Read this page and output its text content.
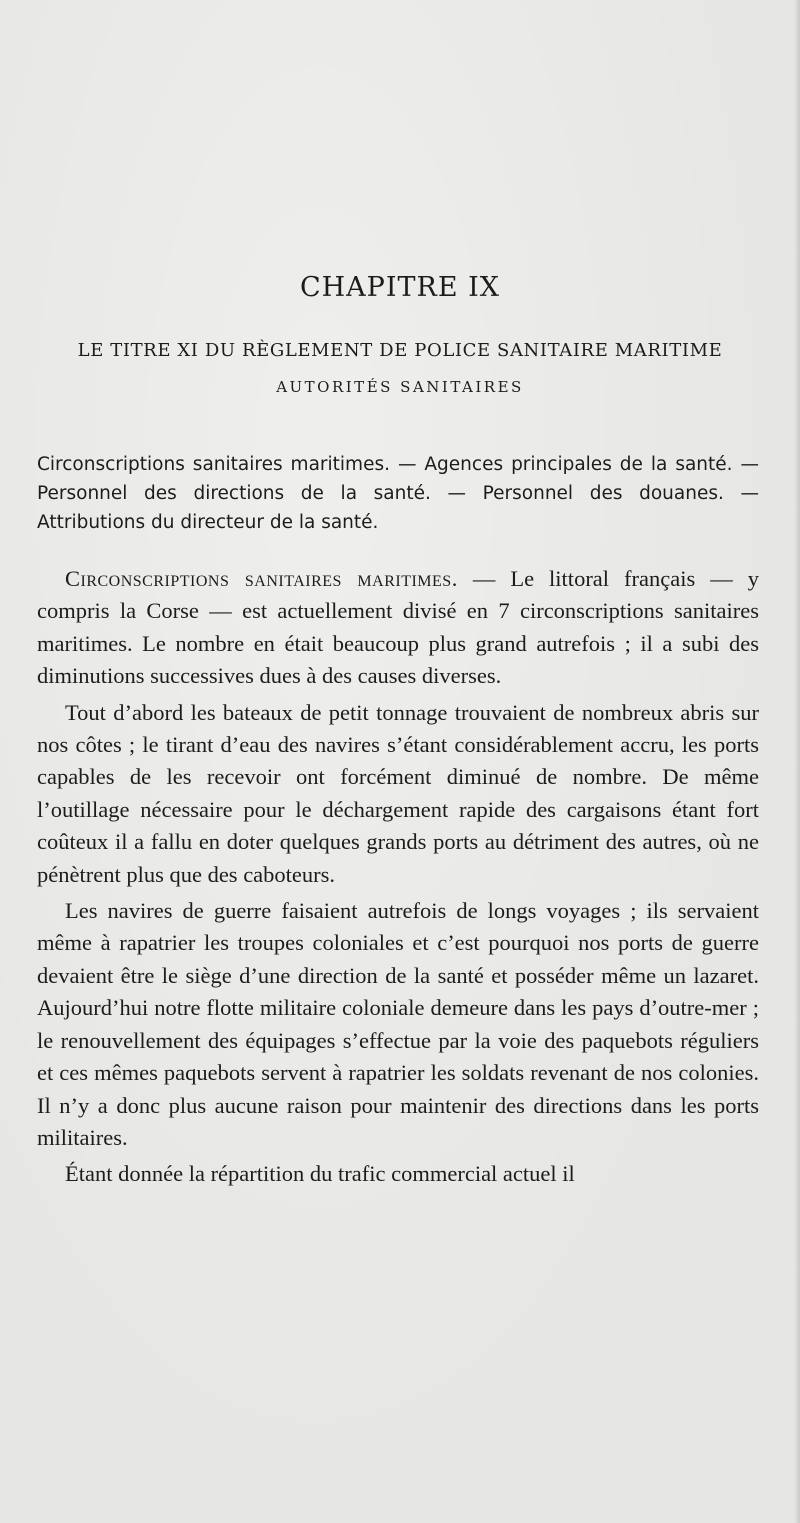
CHAPITRE IX
LE TITRE XI DU RÈGLEMENT DE POLICE SANITAIRE MARITIME
AUTORITÉS SANITAIRES

Circonscriptions sanitaires maritimes. — Agences principales de la santé. — Personnel des directions de la santé. — Personnel des douanes. — Attributions du directeur de la santé.

Circonscriptions sanitaires maritimes. — Le littoral français — y compris la Corse — est actuellement divisé en 7 circonscriptions sanitaires maritimes. Le nombre en était beaucoup plus grand autrefois ; il a subi des diminutions successives dues à des causes diverses.

Tout d’abord les bateaux de petit tonnage trouvaient de nombreux abris sur nos côtes ; le tirant d’eau des navires s’étant considérablement accru, les ports capables de les recevoir ont forcément diminué de nombre. De même l’outillage nécessaire pour le déchargement rapide des cargaisons étant fort coûteux il a fallu en doter quelques grands ports au détriment des autres, où ne pénètrent plus que des caboteurs.

Les navires de guerre faisaient autrefois de longs voyages ; ils servaient même à rapatrier les troupes coloniales et c’est pourquoi nos ports de guerre devaient être le siège d’une direction de la santé et posséder même un lazaret. Aujourd’hui notre flotte militaire coloniale demeure dans les pays d’outre-mer ; le renouvellement des équipages s’effectue par la voie des paquebots réguliers et ces mêmes paquebots servent à rapatrier les soldats revenant de nos colonies. Il n’y a donc plus aucune raison pour maintenir des directions dans les ports militaires.

Étant donnée la répartition du trafic commercial actuel il
